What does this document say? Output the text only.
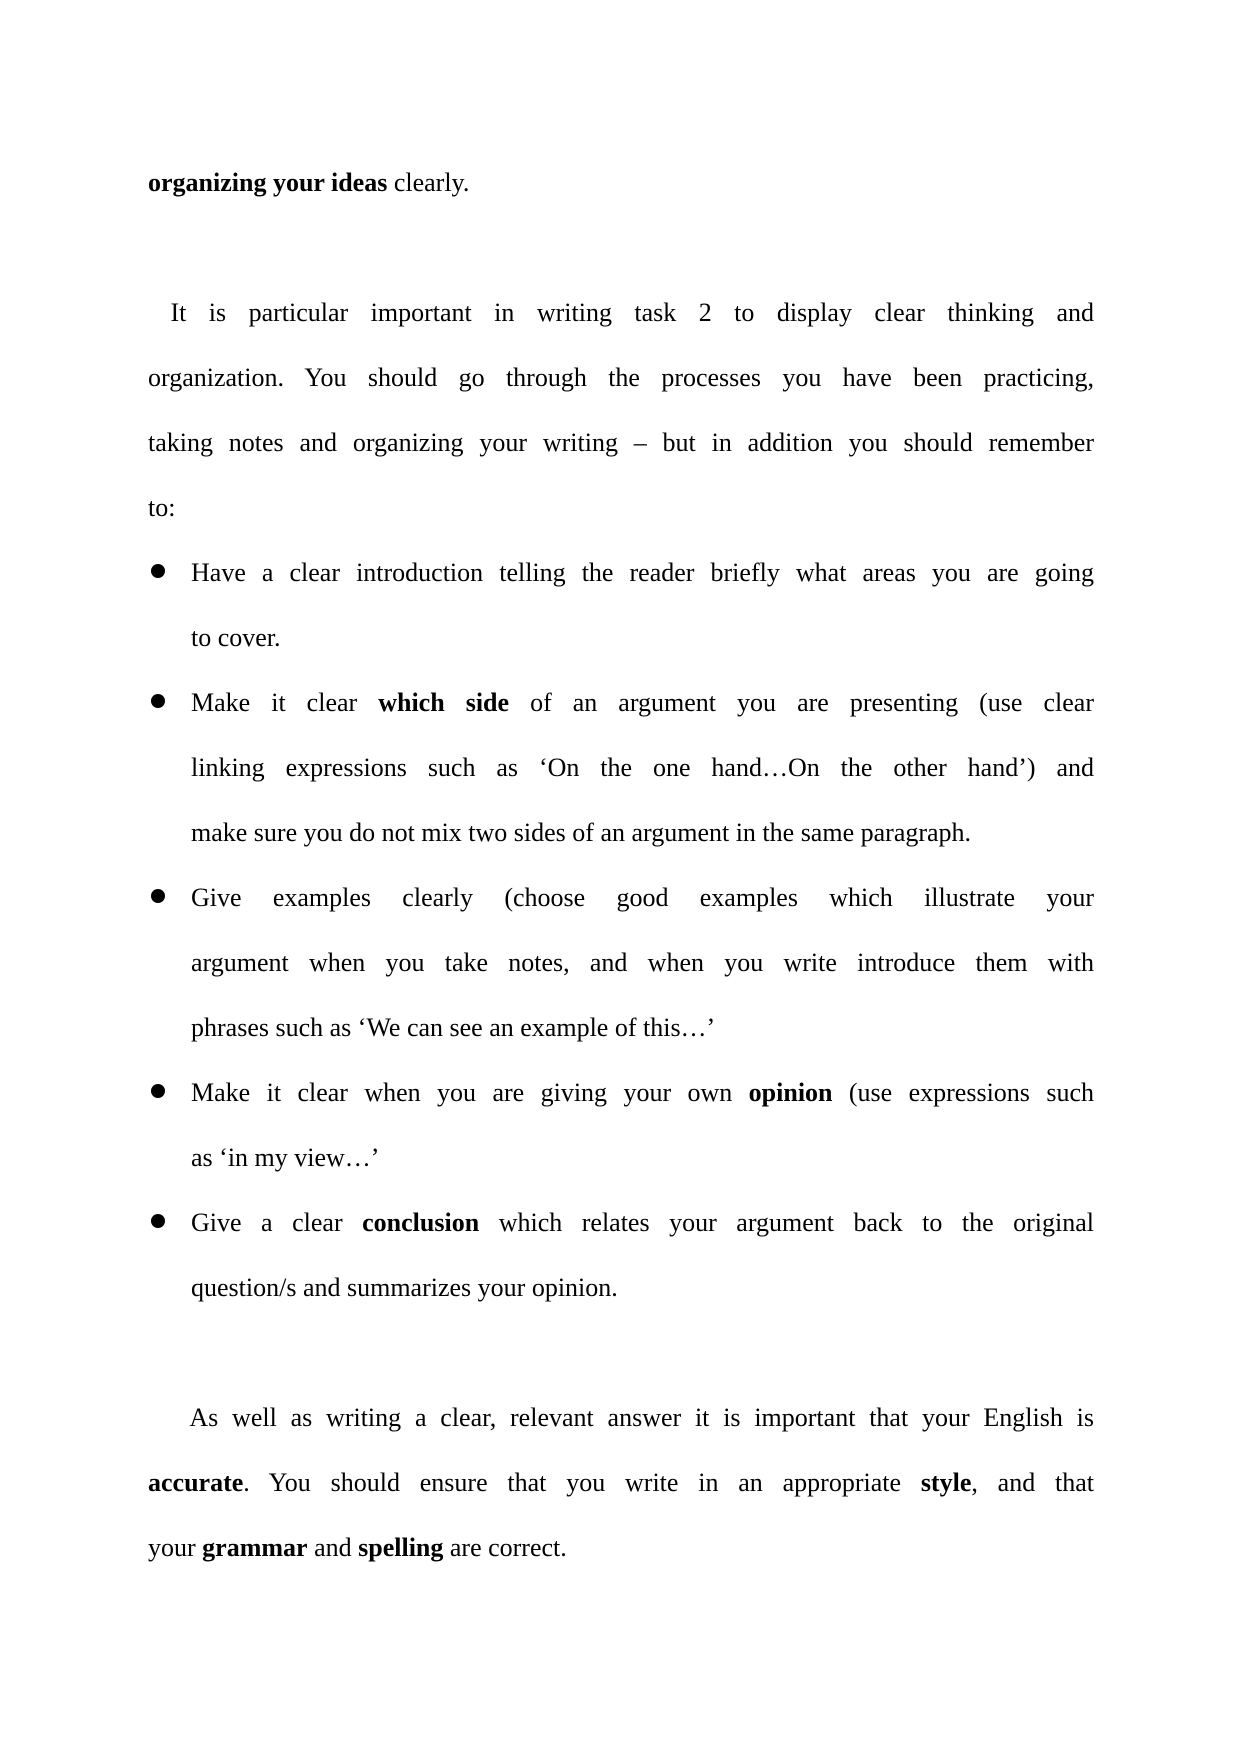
organizing your ideas clearly.
It is particular important in writing task 2 to display clear thinking and
organization. You should go through the processes you have been practicing,
taking notes and organizing your writing – but in addition you should remember
to:
Have a clear introduction telling the reader briefly what areas you are going
to cover.
Make it clear which side of an argument you are presenting (use clear
linking expressions such as ‘On the one hand…On the other hand’) and
make sure you do not mix two sides of an argument in the same paragraph.
Give examples clearly (choose good examples which illustrate your
argument when you take notes, and when you write introduce them with
phrases such as ‘We can see an example of this…’
Make it clear when you are giving your own opinion (use expressions such
as ‘in my view…’
Give a clear conclusion which relates your argument back to the original
question/s and summarizes your opinion.
As well as writing a clear, relevant answer it is important that your English is
accurate. You should ensure that you write in an appropriate style, and that
your grammar and spelling are correct.
